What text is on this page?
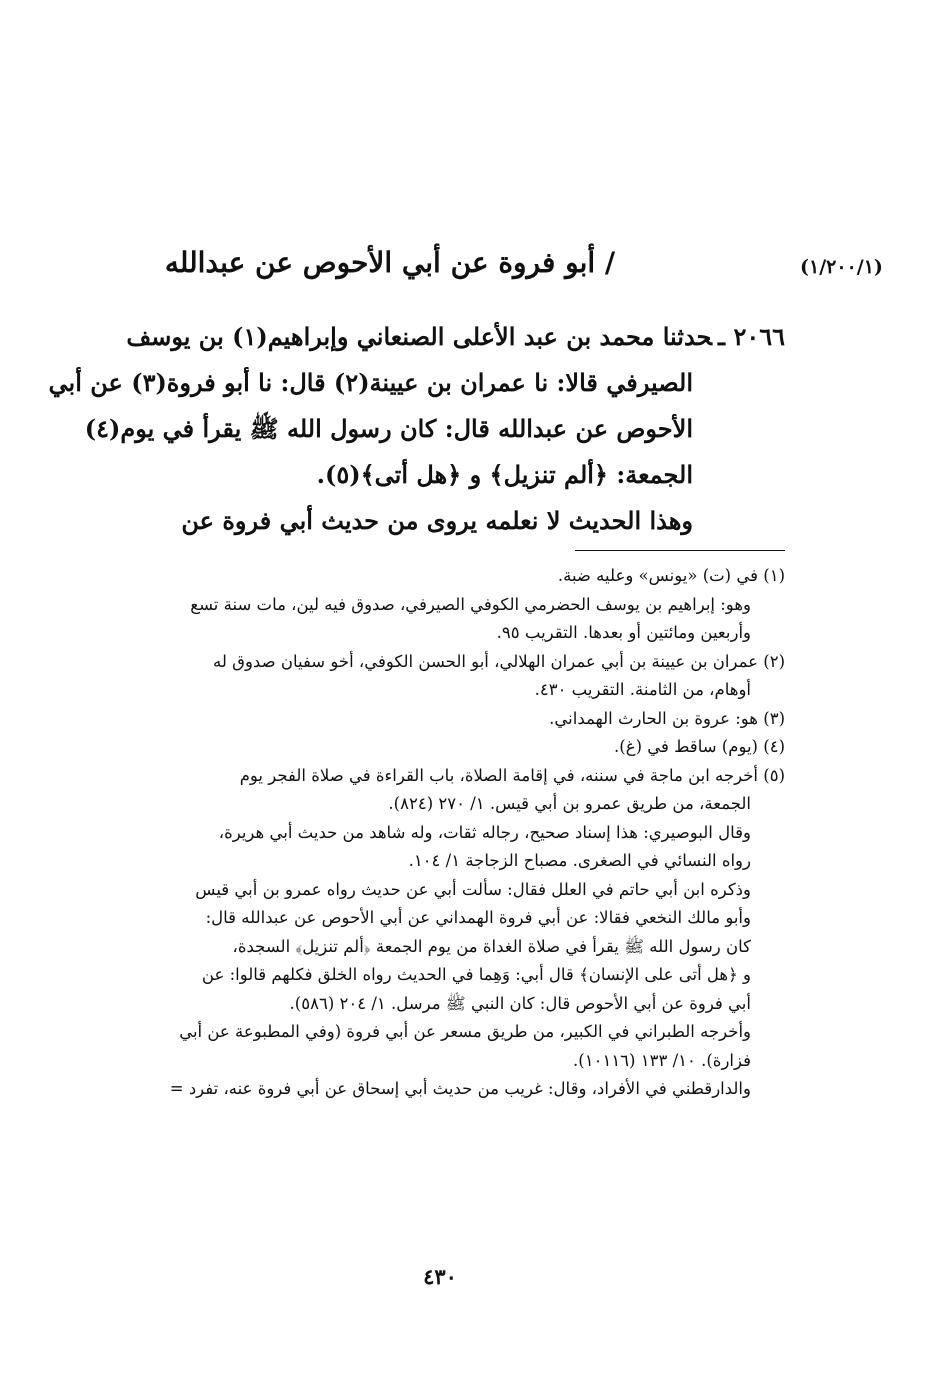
(١/٢٠٠/١)
/ أبو فروة عن أبي الأحوص عن عبدالله
٢٠٦٦ ـحدثنا محمد بن عبد الأعلى الصنعاني وإبراهيم(١) بن يوسف
الصيرفي قالا: نا عمران بن عيينة(٢) قال: نا أبو فروة(٣) عن أبي
الأحوص عن عبدالله قال: كان رسول الله ﷺ يقرأ في يوم(٤)
الجمعة: ﴿ألم تنزيل﴾ و ﴿هل أتى﴾(٥).
وهذا الحديث لا نعلمه يروى من حديث أبي فروة عن
(١) في (ت) «يونس» وعليه ضبة.
وهو: إبراهيم بن يوسف الحضرمي الكوفي الصيرفي، صدوق فيه لين، مات سنة تسع
وأربعين ومائتين أو بعدها. التقريب ٩٥.
(٢) عمران بن عيينة بن أبي عمران الهلالي، أبو الحسن الكوفي، أخو سفيان صدوق له
أوهام، من الثامنة. التقريب ٤٣٠.
(٣) هو: عروة بن الحارث الهمداني.
(٤) (يوم) ساقط في (غ).
(٥) أخرجه ابن ماجة في سننه، في إقامة الصلاة، باب القراءة في صلاة الفجر يوم
الجمعة، من طريق عمرو بن أبي قيس. ١/ ٢٧٠ (٨٢٤).
وقال البوصيري: هذا إسناد صحيح، رجاله ثقات، وله شاهد من حديث أبي هريرة،
رواه النسائي في الصغرى. مصباح الزجاجة ١/ ١٠٤.
وذكره ابن أبي حاتم في العلل فقال: سألت أبي عن حديث رواه عمرو بن أبي قيس
وأبو مالك النخعي فقالا: عن أبي فروة الهمداني عن أبي الأحوص عن عبدالله قال:
كان رسول الله ﷺ يقرأ في صلاة الغداة من يوم الجمعة ﴿ألم تنزيل﴾ السجدة،
و ﴿هل أتى على الإنسان﴾ قال أبي: وَهِما في الحديث رواه الخلق فكلهم قالوا: عن
أبي فروة عن أبي الأحوص قال: كان النبي ﷺ مرسل. ١/ ٢٠٤ (٥٨٦).
وأخرجه الطبراني في الكبير، من طريق مسعر عن أبي فروة (وفي المطبوعة عن أبي
فزارة). ١٠/ ١٣٣ (١٠١١٦).
والدارقطني في الأفراد، وقال: غريب من حديث أبي إسحاق عن أبي فروة عنه، تفرد =
٤٣٠
